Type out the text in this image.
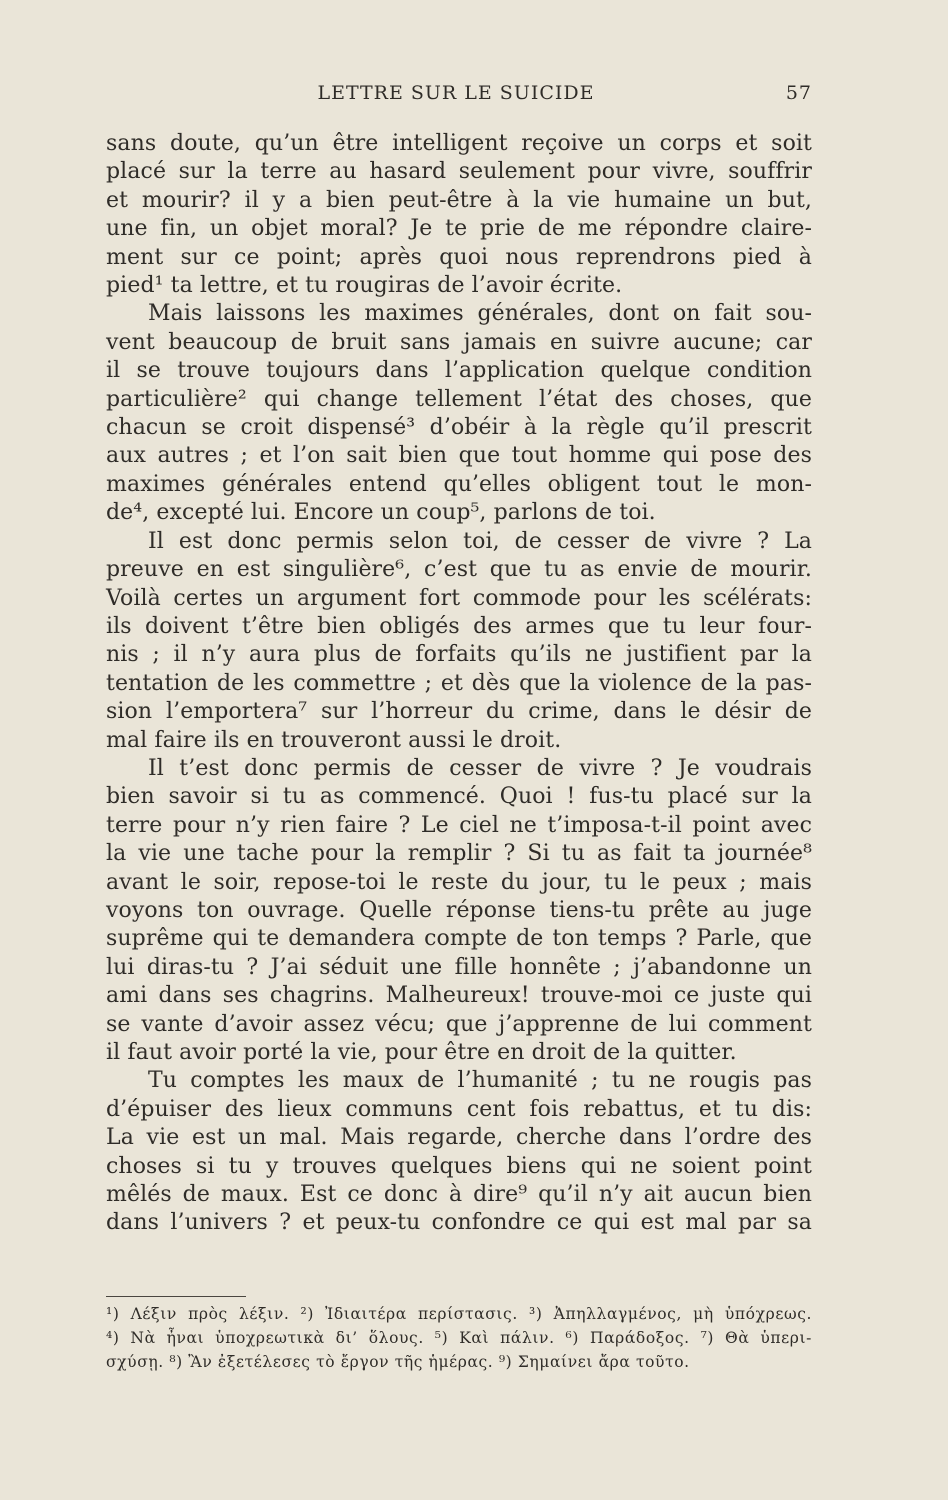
LETTRE SUR LE SUICIDE	57
sans doute, qu’un être intelligent reçoive un corps et soit
placé sur la terre au hasard seulement pour vivre, souffrir
et mourir? il y a bien peut-être à la vie humaine un but,
une fin, un objet moral? Je te prie de me répondre claire-
ment sur ce point; après quoi nous reprendrons pied à
pied¹ ta lettre, et tu rougiras de l’avoir écrite.
Mais laissons les maximes générales, dont on fait sou-
vent beaucoup de bruit sans jamais en suivre aucune; car
il se trouve toujours dans l’application quelque condition
particulière² qui change tellement l’état des choses, que
chacun se croit dispensé³ d’obéir à la règle qu’il prescrit
aux autres ; et l’on sait bien que tout homme qui pose des
maximes générales entend qu’elles obligent tout le mon-
de⁴, excepté lui. Encore un coup⁵, parlons de toi.
Il est donc permis selon toi, de cesser de vivre ? La
preuve en est singulière⁶, c’est que tu as envie de mourir.
Voilà certes un argument fort commode pour les scélérats:
ils doivent t’être bien obligés des armes que tu leur four-
nis ; il n’y aura plus de forfaits qu’ils ne justifient par la
tentation de les commettre ; et dès que la violence de la pas-
sion l’emportera⁷ sur l’horreur du crime, dans le désir de
mal faire ils en trouveront aussi le droit.
Il t’est donc permis de cesser de vivre ? Je voudrais
bien savoir si tu as commencé. Quoi ! fus-tu placé sur la
terre pour n’y rien faire ? Le ciel ne t’imposa-t-il point avec
la vie une tache pour la remplir ? Si tu as fait ta journée⁸
avant le soir, repose-toi le reste du jour, tu le peux ; mais
voyons ton ouvrage. Quelle réponse tiens-tu prête au juge
suprême qui te demandera compte de ton temps ? Parle, que
lui diras-tu ? J’ai séduit une fille honnête ; j’abandonne un
ami dans ses chagrins. Malheureux! trouve-moi ce juste qui
se vante d’avoir assez vécu; que j’apprenne de lui comment
il faut avoir porté la vie, pour être en droit de la quitter.
Tu comptes les maux de l’humanité ; tu ne rougis pas
d’épuiser des lieux communs cent fois rebattus, et tu dis:
La vie est un mal. Mais regarde, cherche dans l’ordre des
choses si tu y trouves quelques biens qui ne soient point
mêlés de maux. Est ce donc à dire⁹ qu’il n’y ait aucun bien
dans l’univers ? et peux-tu confondre ce qui est mal par sa
¹) Λέξιν πρὸς λέξιν. ²) Ἰδιαιτέρα περίστασις. ³) Ἀπηλλαγμένος, μὴ ὑπόχρεως.
⁴) Νὰ ἦναι ὑποχρεωτικὰ δι’ ὅλους. ⁵) Καὶ πάλιν. ⁶) Παράδοξος. ⁷) Θὰ ὑπερι-
σχύσῃ. ⁸) Ἂν ἐξετέλεσες τὸ ἔργον τῆς ἡμέρας. ⁹) Σημαίνει ἄρα τοῦτο.
